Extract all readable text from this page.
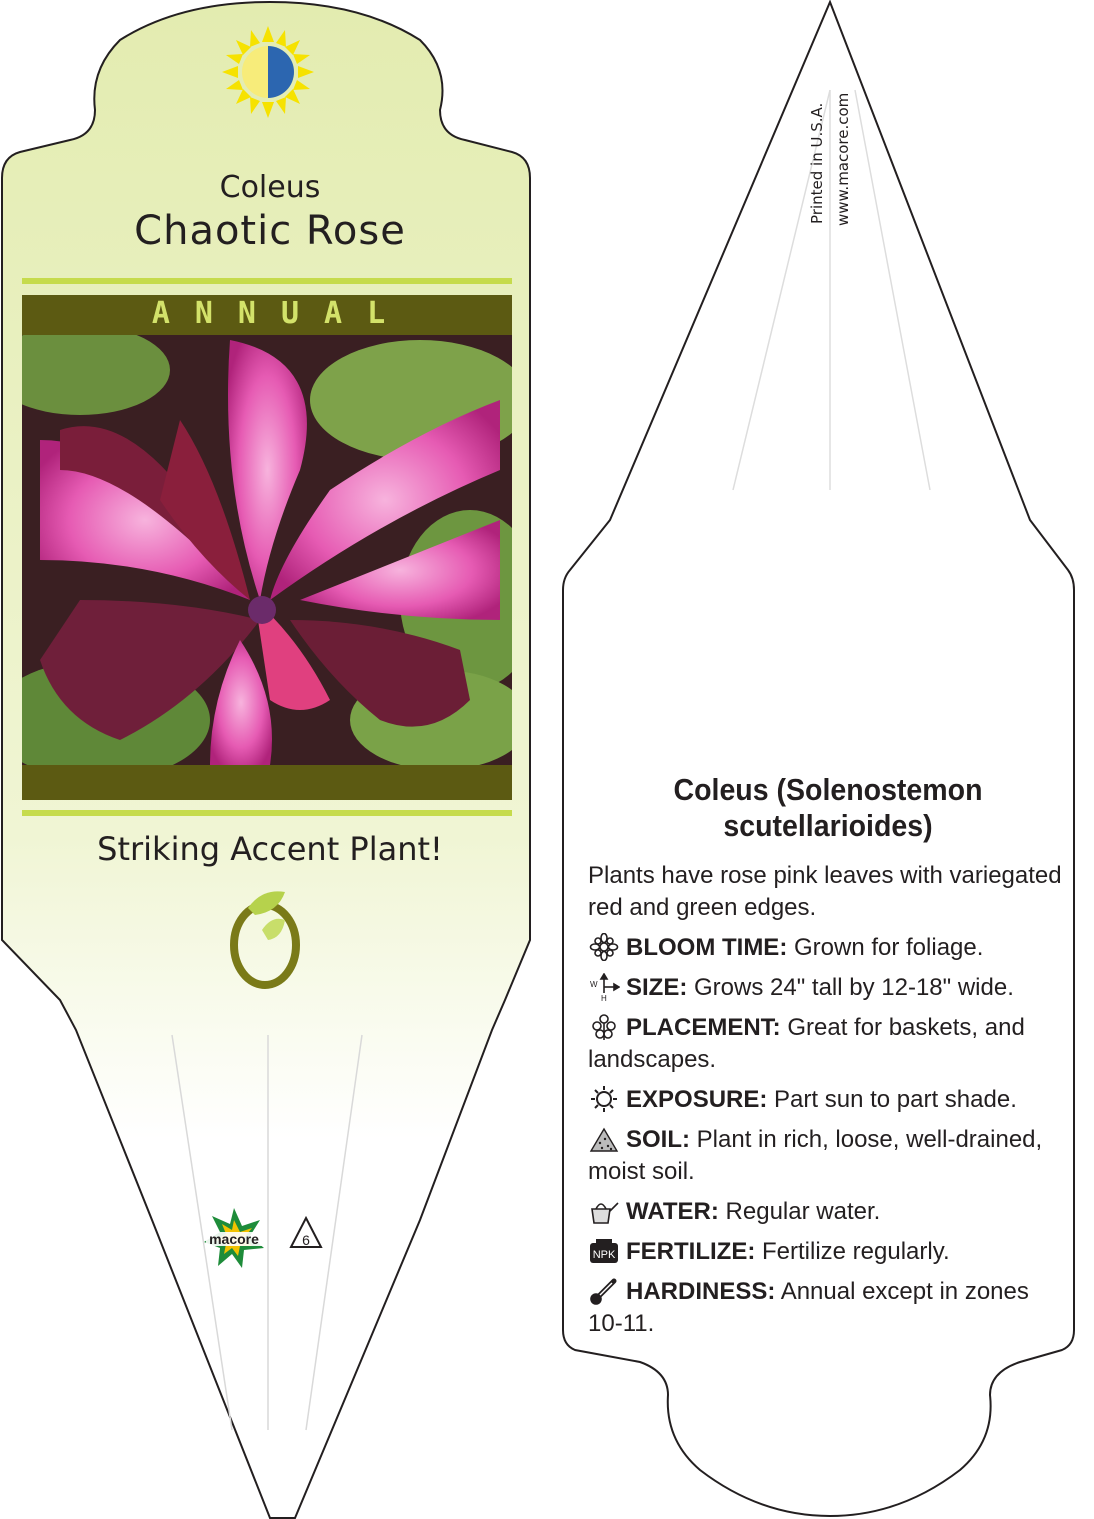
macore
Coleus
Chaotic Rose
ANNUAL
Striking Accent Plant!
6
Printed in U.S.A. www.macore.com
Coleus (Solenostemon scutellarioides)

Plants have rose pink leaves with variegated red and green edges.

BLOOM TIME: Grown for foliage.
W
H SIZE: Grows 24" tall by 12-18" wide.
PLACEMENT: Great for baskets, and landscapes.
EXPOSURE: Part sun to part shade.
SOIL: Plant in rich, loose, well-drained, moist soil.
WATER: Regular water.
NPK FERTILIZE: Fertilize regularly.
HARDINESS: Annual except in zones 10-11.
